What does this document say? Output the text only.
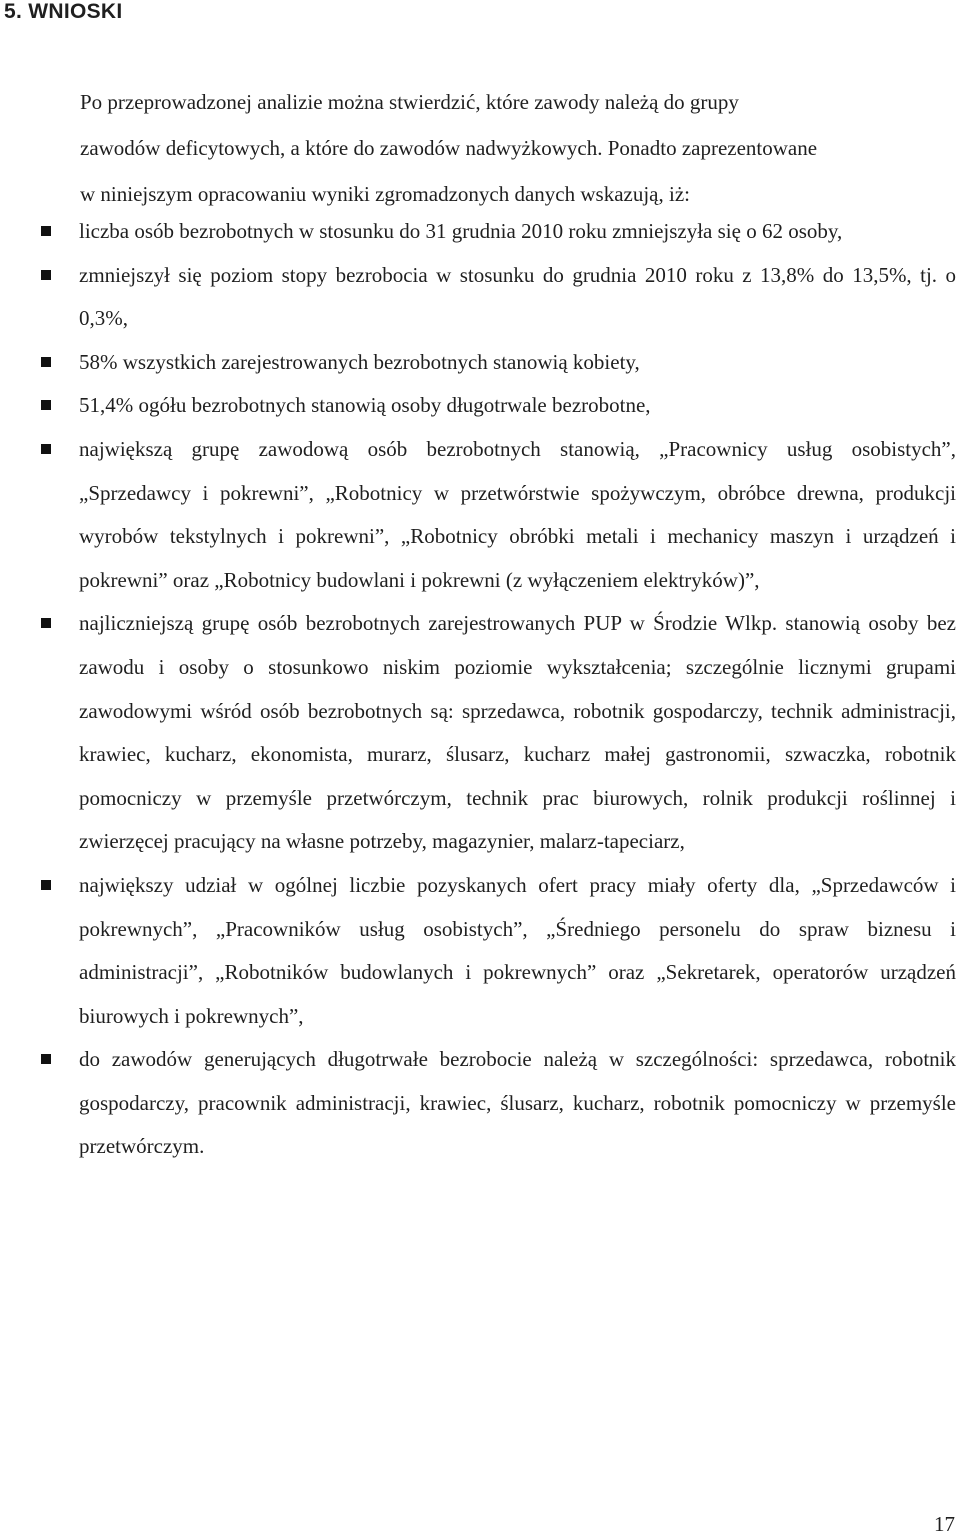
5. WNIOSKI

Po przeprowadzonej analizie można stwierdzić, które zawody należą do grupy
zawodów deficytowych, a które do zawodów nadwyżkowych. Ponadto zaprezentowane
w niniejszym opracowaniu wyniki zgromadzonych danych wskazują, iż:

liczba osób bezrobotnych w stosunku do 31 grudnia 2010 roku zmniejszyła się o 62 osoby,
zmniejszył się poziom stopy bezrobocia w stosunku do grudnia 2010 roku z 13,8% do 13,5%, tj. o 0,3%,
58% wszystkich zarejestrowanych bezrobotnych stanowią kobiety,
51,4% ogółu bezrobotnych stanowią osoby długotrwale bezrobotne,
największą grupę zawodową osób bezrobotnych stanowią, „Pracownicy usług osobistych”, „Sprzedawcy i pokrewni”, „Robotnicy w przetwórstwie spożywczym, obróbce drewna, produkcji wyrobów tekstylnych i pokrewni”, „Robotnicy obróbki metali i mechanicy maszyn i urządzeń i pokrewni” oraz „Robotnicy budowlani i pokrewni (z wyłączeniem elektryków)”,
najliczniejszą grupę osób bezrobotnych zarejestrowanych PUP w Środzie Wlkp. stanowią osoby bez zawodu i osoby o stosunkowo niskim poziomie wykształcenia; szczególnie licznymi grupami zawodowymi wśród osób bezrobotnych są: sprzedawca, robotnik gospodarczy, technik administracji, krawiec, kucharz, ekonomista, murarz, ślusarz, kucharz małej gastronomii, szwaczka, robotnik pomocniczy w przemyśle przetwórczym, technik prac biurowych, rolnik produkcji roślinnej i zwierzęcej pracujący na własne potrzeby, magazynier, malarz-tapeciarz,
największy udział w ogólnej liczbie pozyskanych ofert pracy miały oferty dla, „Sprzedawców i pokrewnych”, „Pracowników usług osobistych”, „Średniego personelu do spraw biznesu i administracji”, „Robotników budowlanych i pokrewnych” oraz „Sekretarek, operatorów urządzeń biurowych i pokrewnych”,
do zawodów generujących długotrwałe bezrobocie należą w szczególności: sprzedawca, robotnik gospodarczy, pracownik administracji, krawiec, ślusarz, kucharz, robotnik pomocniczy w przemyśle przetwórczym.
17
